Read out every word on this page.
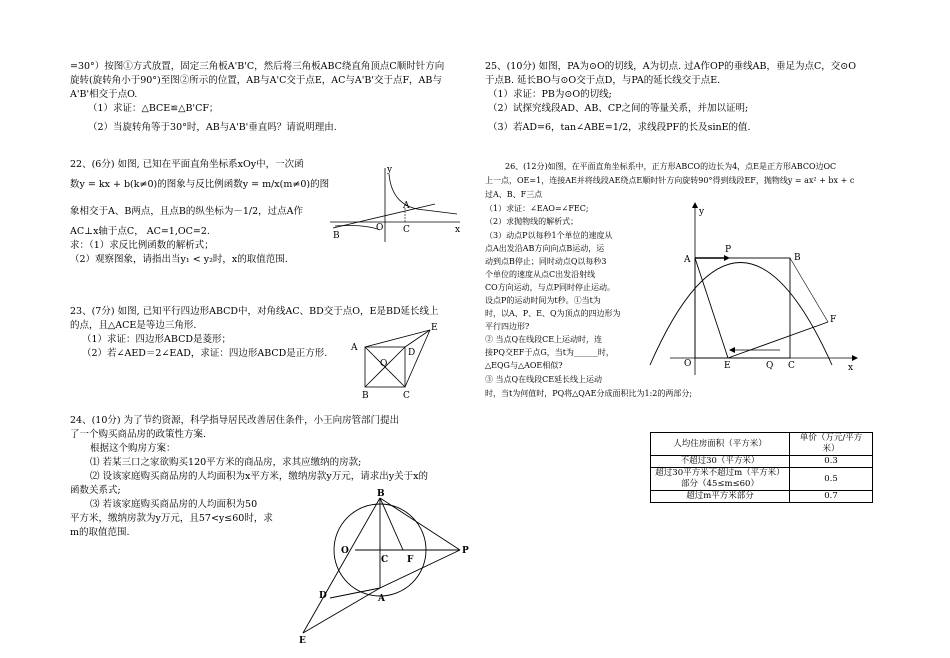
=30°）按图①方式放置，固定三角板A'B'C，然后将三角板ABC绕直角顶点C顺时针方向
旋转(旋转角小于90°)至图②所示的位置，AB与A'C交于点E，AC与A'B'交于点F，AB与
A'B'相交于点O.
（1）求证：△BCE≌△B'CF；
（2）当旋转角等于30°时，AB与A'B'垂直吗？请说明理由.
22、(6分) 如图, 已知在平面直角坐标系xOy中，一次函
数y = kx + b(k≠0)的图象与反比例函数y = m/x(m≠0)的图
象相交于A、B两点，且点B的纵坐标为－1/2，过点A作
AC⊥x轴于点C， AC=1,OC=2.
求：（1）求反比例函数的解析式；
（2）观察图象，请指出当y₁ < y₂时，x的取值范围.
y
x
A
B
C
O
23、(7分) 如图, 已知平行四边形ABCD中，对角线AC、BD交于点O，E是BD延长线上
的点，且△ACE是等边三角形.
（1）求证：四边形ABCD是菱形；
（2）若∠AED＝2∠EAD，求证：四边形ABCD是正方形.	A
B	C
D
E
O
24、(10分) 为了节约资源，科学指导居民改善居住条件，小王向房管部门提出
了一个购买商品房的政策性方案.
根据这个购房方案：
⑴ 若某三口之家欲购买120平方米的商品房，求其应缴纳的房款;
⑵ 设该家庭购买商品房的人均面积为x平方米，缴纳房款y万元，请求出y关于x的
函数关系式;
⑶ 若该家庭购买商品房的人均面积为50
平方米，缴纳房款为y万元，且57<y≤60时，求
m的取值范围.
B
O
C F
P
D	A
E
25、(10分) 如图，PA为⊙O的切线，A为切点. 过A作OP的垂线AB，垂足为点C，交⊙O
于点B. 延长BO与⊙O交于点D，与PA的延长线交于点E.
（1）求证：PB为⊙O的切线;
（2）试探究线段AD、AB、CP之间的等量关系，并加以证明;
（3）若AD=6，tan∠ABE=1/2，求线段PF的长及sinE的值.
26、(12分)如图，在平面直角坐标系中，正方形ABCO的边长为4，点E是正方形ABCO边OC
上一点，OE=1，连接AE并将线段AE绕点E顺时针方向旋转90°得到线段EF，抛物线y = ax² + bx + c
过A、B、F三点
（1）求证：∠EAO=∠FEC;
（2）求抛物线的解析式；
（3）动点P以每秒1个单位的速度从
点A出发沿AB方向向点B运动，运
动到点B停止；同时动点Q以每秒3
个单位的速度从点C出发沿射线
CO方向运动，与点P同时停止运动。
设点P的运动时间为t秒。①当t为
时，以A、P、E、Q为顶点的四边形为
平行四边形?
② 当点Q在线段CE上运动时，连
接PQ交EF于点G，当t为______时，
△EQG与△AOE相似?
③ 当点Q在线段CE延长线上运动
时，当t为何值时，PQ将△QAE分成面积比为1:2的两部分;
y
x
A	B
P
F
O	E	Q C
人均住房面积（平方米）	单价（万元/平方米）
不超过30（平方米）	0.3
超过30平方米不超过m（平方米）部分（45≤m≤60）	0.5
超过m平方米部分	0.7
